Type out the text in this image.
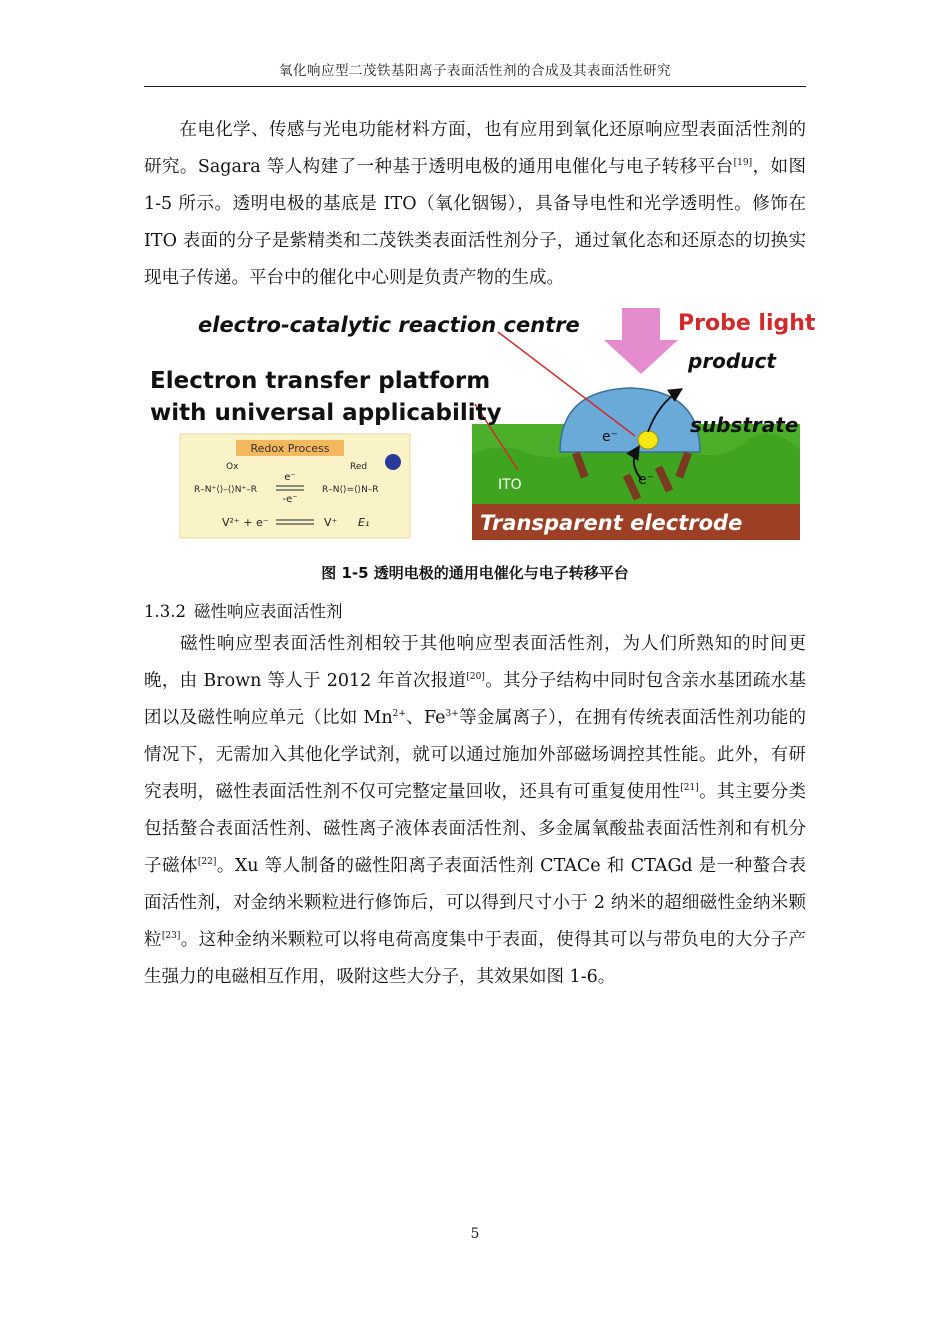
氧化响应型二茂铁基阳离子表面活性剂的合成及其表面活性研究

在电化学、传感与光电功能材料方面，也有应用到氧化还原响应型表面活性剂的研究。Sagara 等人构建了一种基于透明电极的通用电催化与电子转移平台[19]，如图 1-5 所示。透明电极的基底是 ITO（氧化铟锡），具备导电性和光学透明性。修饰在 ITO 表面的分子是紫精类和二茂铁类表面活性剂分子，通过氧化态和还原态的切换实现电子传递。平台中的催化中心则是负责产物的生成。

Transparent electrode
ITO
e⁻
Probe light
product
substrate
e⁻
electro-catalytic reaction centre
Electron transfer platform
with universal applicability
Redox Process
Ox	Red
R–N⁺⟨⟩–⟨⟩N⁺–R	R–N⟨⟩=⟨⟩N–R
e⁻
-e⁻
V²⁺ + e⁻	V⁺ E₁
图 1-5 透明电极的通用电催化与电子转移平台
1.3.2 磁性响应表面活性剂

磁性响应型表面活性剂相较于其他响应型表面活性剂，为人们所熟知的时间更晚，由 Brown 等人于 2012 年首次报道[20]。其分子结构中同时包含亲水基团疏水基团以及磁性响应单元（比如 $Mn^{2+}$、$Fe^{3+}$等金属离子），在拥有传统表面活性剂功能的情况下，无需加入其他化学试剂，就可以通过施加外部磁场调控其性能。此外，有研究表明，磁性表面活性剂不仅可完整定量回收，还具有可重复使用性[21]。其主要分类包括螯合表面活性剂、磁性离子液体表面活性剂、多金属氧酸盐表面活性剂和有机分子磁体[22]。Xu 等人制备的磁性阳离子表面活性剂 CTACe 和 CTAGd 是一种螯合表面活性剂，对金纳米颗粒进行修饰后，可以得到尺寸小于 2 纳米的超细磁性金纳米颗粒[23]。这种金纳米颗粒可以将电荷高度集中于表面，使得其可以与带负电的大分子产生强力的电磁相互作用，吸附这些大分子，其效果如图 1-6。

5
